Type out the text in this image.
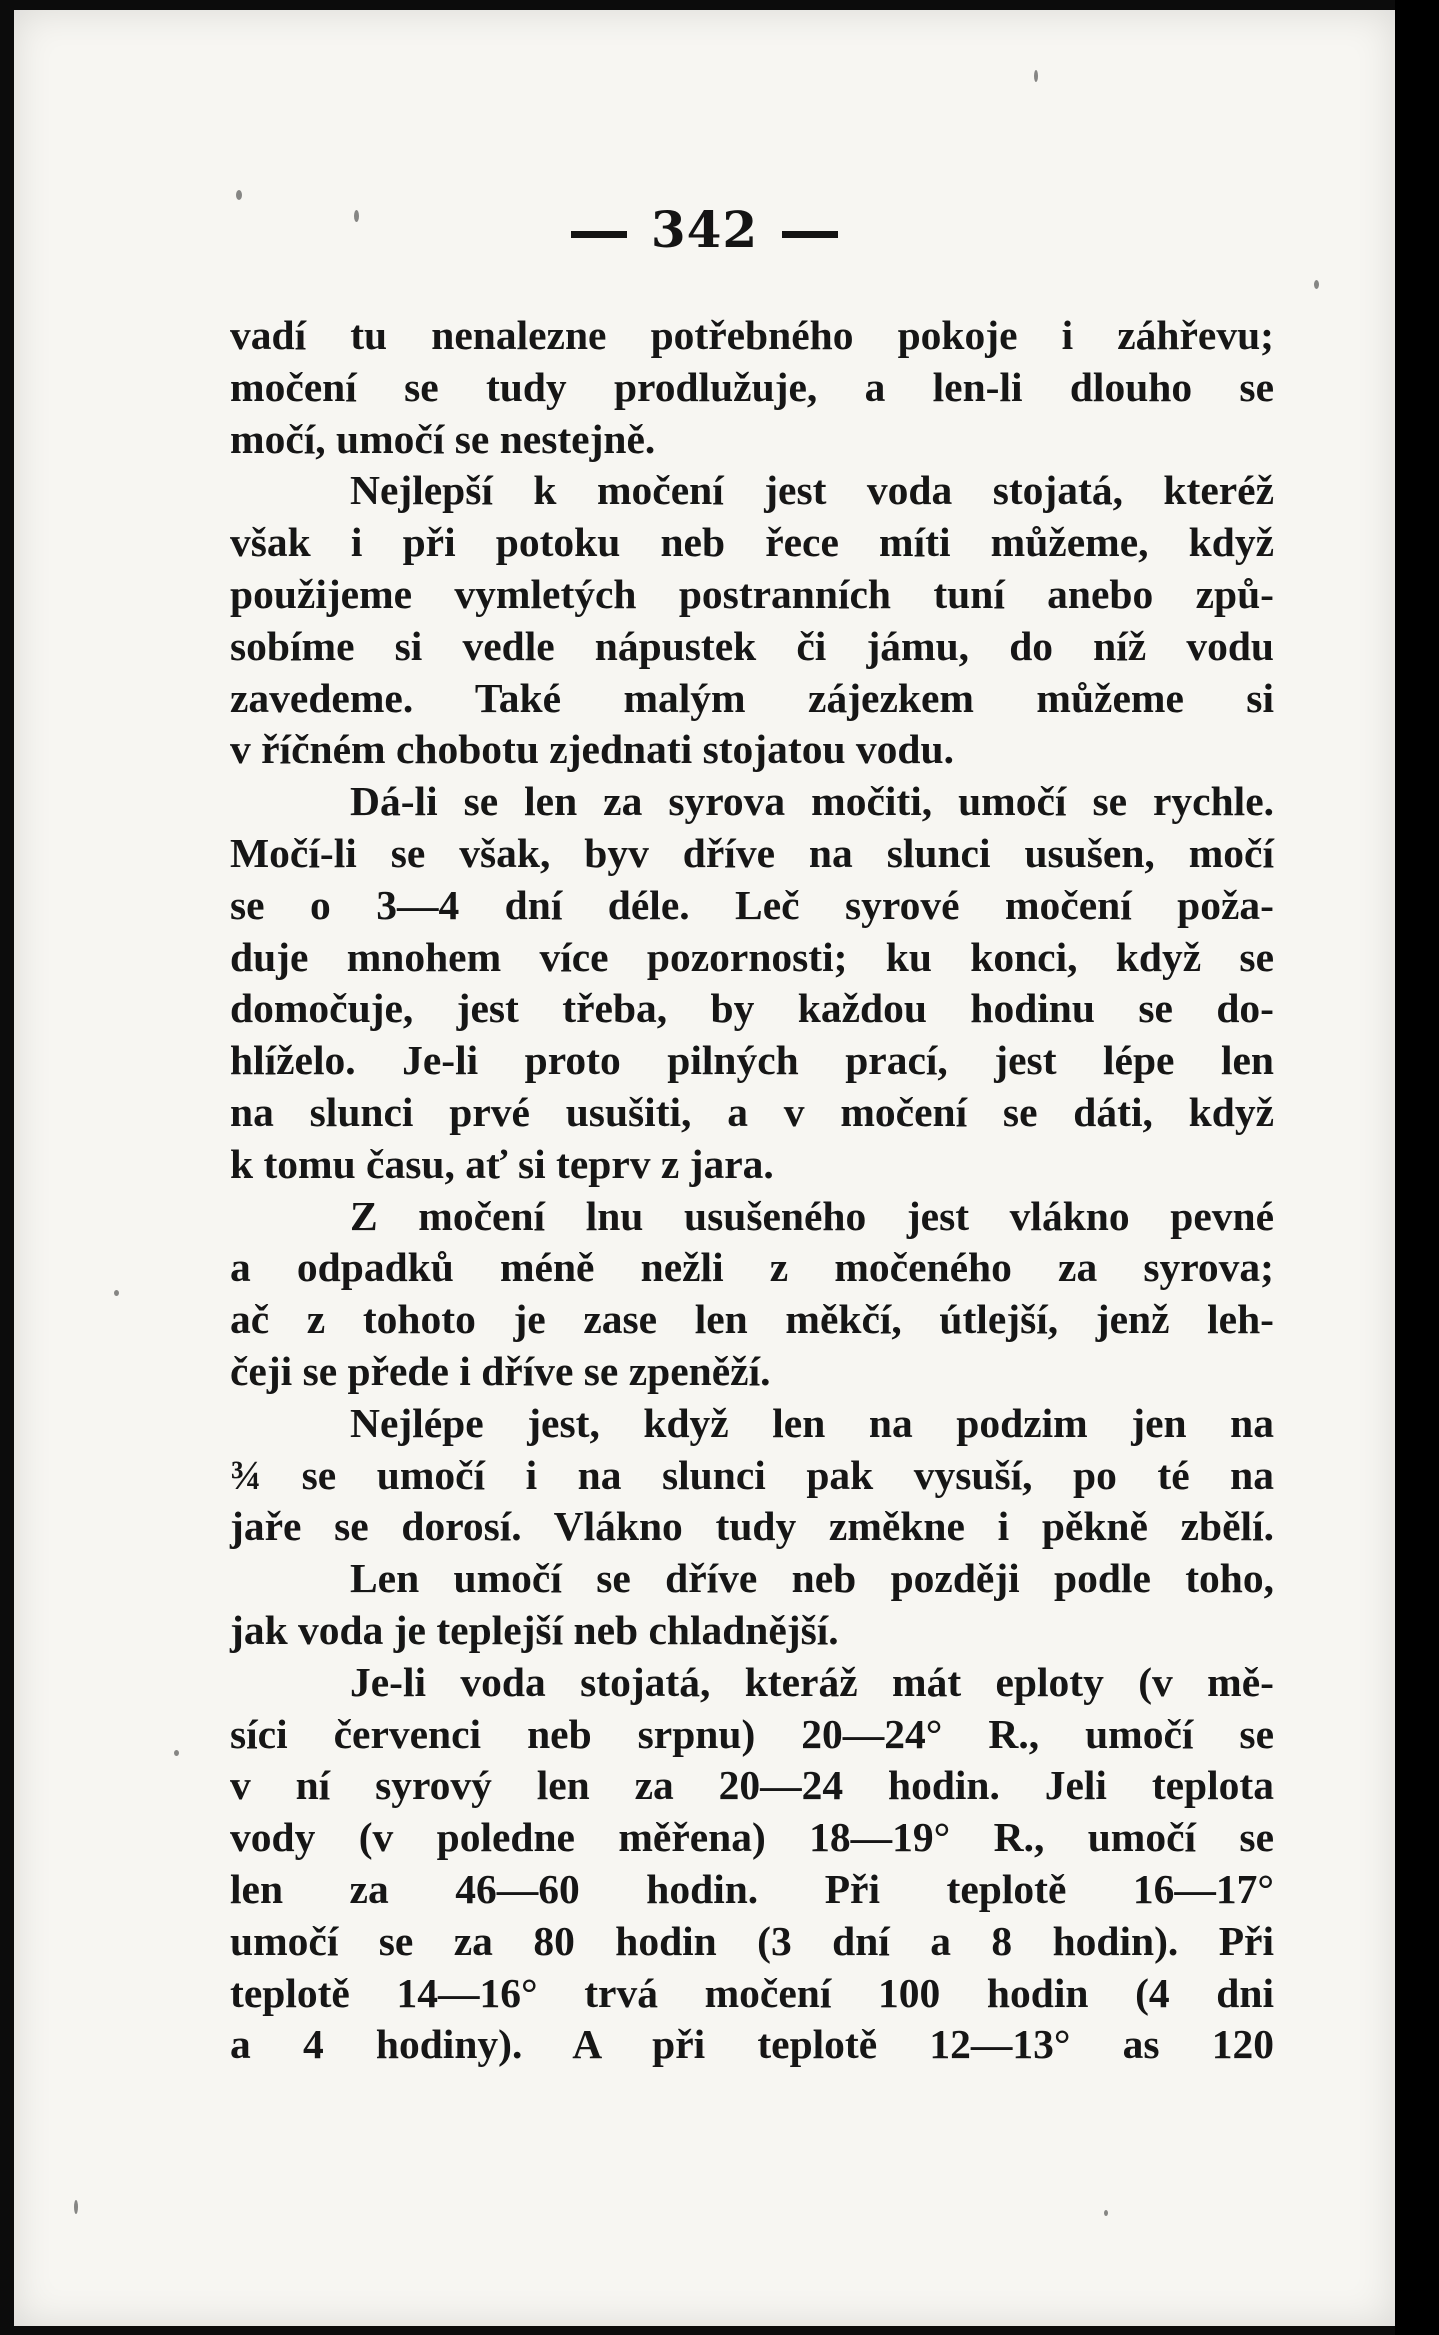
342
vadí tu nenalezne potřebného pokoje i záhřevu;
močení se tudy prodlužuje, a len-li dlouho se
močí, umočí se nestejně.
Nejlepší k močení jest voda stojatá, kteréž
však i při potoku neb řece míti můžeme, když
použijeme vymletých postranních tuní anebo způ-
sobíme si vedle nápustek či jámu, do níž vodu
zavedeme. Také malým zájezkem můžeme si
v říčném chobotu zjednati stojatou vodu.
Dá-li se len za syrova močiti, umočí se rychle.
Močí-li se však, byv dříve na slunci usušen, močí
se o 3—4 dní déle. Leč syrové močení poža-
duje mnohem více pozornosti; ku konci, když se
domočuje, jest třeba, by každou hodinu se do-
hlíželo. Je-li proto pilných prací, jest lépe len
na slunci prvé usušiti, a v močení se dáti, když
k tomu času, ať si teprv z jara.
Z močení lnu usušeného jest vlákno pevné
a odpadků méně nežli z močeného za syrova;
ač z tohoto je zase len měkčí, útlejší, jenž leh-
čeji se přede i dříve se zpeněží.
Nejlépe jest, když len na podzim jen na
¾ se umočí i na slunci pak vysuší, po té na
jaře se dorosí. Vlákno tudy změkne i pěkně zbělí.
Len umočí se dříve neb později podle toho,
jak voda je teplejší neb chladnější.
Je-li voda stojatá, kteráž mát eploty (v mě-
síci červenci neb srpnu) 20—24° R., umočí se
v ní syrový len za 20—24 hodin. Jeli teplota
vody (v poledne měřena) 18—19° R., umočí se
len za 46—60 hodin. Při teplotě 16—17°
umočí se za 80 hodin (3 dní a 8 hodin). Při
teplotě 14—16° trvá močení 100 hodin (4 dni
a 4 hodiny). A při teplotě 12—13° as 120
